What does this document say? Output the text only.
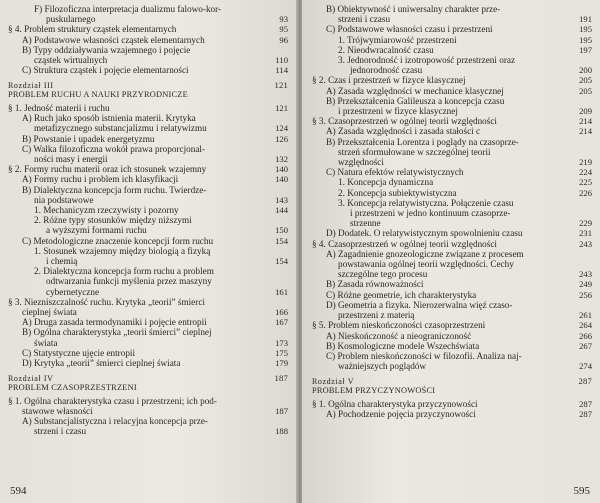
F) Filozoficzna interpretacja dualizmu falowo-kor-
puskularnego	93
§ 4. Problem struktury cząstek elementarnych	95
A) Podstawowe własności cząstek elementarnych	96
B) Typy oddziaływania wzajemnego i pojęcie
cząstek wirtualnych	110
C) Struktura cząstek i pojęcie elementarności	114
Rozdział III
PROBLEM RUCHU A NAUKI PRZYRODNICZE
121
§ 1. Jedność materii i ruchu	121
A) Ruch jako sposób istnienia materii. Krytyka
metafizycznego substancjalizmu i relatywizmu	124
B) Powstanie i upadek energetyzmu	126
C) Walka filozoficzna wokół prawa proporcjonal-
ności masy i energii	132
§ 2. Formy ruchu materii oraz ich stosunek wzajemny	140
A) Formy ruchu i problem ich klasyfikacji	140
B) Dialektyczna koncepcja form ruchu. Twierdze-
nia podstawowe	143
1. Mechanicyzm rzeczywisty i pozorny	144
2. Różne typy stosunków między niższymi
a wyższymi formami ruchu	150
C) Metodologiczne znaczenie koncepcji form ruchu	154
1. Stosunek wzajemny między biologią a fizyką
i chemią	154
2. Dialektyczna koncepcja form ruchu a problem
odtwarzania funkcji myślenia przez maszyny
cybernetyczne	161
§ 3. Niezniszczalność ruchu. Krytyka „teorii” śmierci
cieplnej świata	166
A) Druga zasada termodynamiki i pojęcie entropii	167
B) Ogólna charakterystyka „teorii śmierci” cieplnej
świata	173
C) Statystyczne ujęcie entropii	175
D) Krytyka „teorii” śmierci cieplnej świata	179
Rozdział IV
PROBLEM CZASOPRZESTRZENI
187
§ 1. Ogólna charakterystyka czasu i przestrzeni; ich pod-
stawowe własności	187
A) Substancjalistyczna i relacyjna koncepcja prze-
strzeni i czasu	188
594
B) Obiektywność i uniwersalny charakter prze-
strzeni i czasu	191
C) Podstawowe własności czasu i przestrzeni	195
1. Trójwymiarowość przestrzeni	195
2. Nieodwracalność czasu	197
3. Jednorodność i izotropowość przestrzeni oraz
jednorodność czasu	200
§ 2. Czas i przestrzeń w fizyce klasycznej	205
A) Zasada względności w mechanice klasycznej	205
B) Przekształcenia Galileusza a koncepcja czasu
i przestrzeni w fizyce klasycznej	209
§ 3. Czasoprzestrzeń w ogólnej teorii względności	214
A) Zasada względności i zasada stałości c	214
B) Przekształcenia Lorentza i poglądy na czasoprze-
strzeń sformułowane w szczególnej teorii
względności	219
C) Natura efektów relatywistycznych	224
1. Koncepcja dynamiczna	225
2. Koncepcja subiektywistyczna	226
3. Koncepcja relatywistyczna. Połączenie czasu
i przestrzeni w jedno kontinuum czasoprze-
strzenne	229
D) Dodatek. O relatywistycznym spowolnieniu czasu	231
§ 4. Czasoprzestrzeń w ogólnej teorii względności	243
A) Zagadnienie gnozeologiczne związane z procesem
powstawania ogólnej teorii względności. Cechy
szczególne tego procesu	243
B) Zasada równoważności	249
C) Różne geometrie, ich charakterystyka	256
D) Geometria a fizyka. Nierozerwalna więź czaso-
przestrzeni z materią	261
§ 5. Problem nieskończoności czasoprzestrzeni	264
A) Nieskończoność a nieograniczoność	266
B) Kosmologiczne modele Wszechświata	267
C) Problem nieskończoności w filozofii. Analiza naj-
ważniejszych poglądów	274
Rozdział V
PROBLEM PRZYCZYNOWOŚCI
287
§ 1. Ogólna charakterystyka przyczynowości	287
A) Pochodzenie pojęcia przyczynowości	287
595
